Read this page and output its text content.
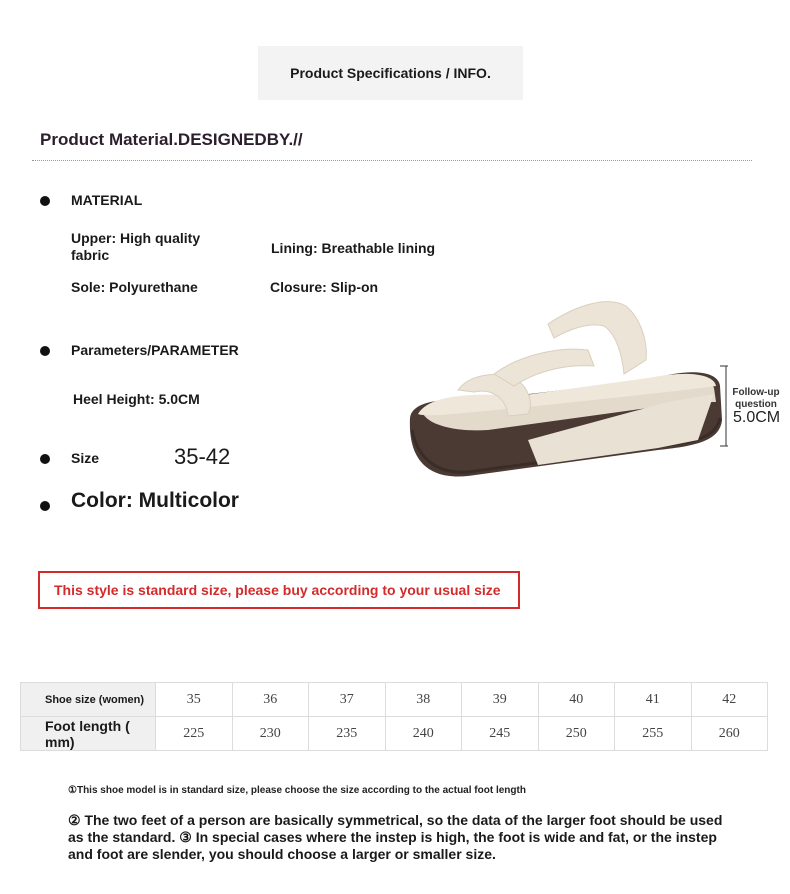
Product Specifications / INFO.
Product Material.DESIGNEDBY.//
MATERIAL
Upper: High quality fabric	Lining: Breathable lining
Sole: Polyurethane	Closure: Slip-on
Parameters/PARAMETER
Heel Height: 5.0CM
Size	35-42
Color: Multicolor
Follow-up question
5.0CM
This style is standard size, please buy according to your usual size
Shoe size (women)	35	36	37	38	39	40	41	42
Foot length ( mm)	225	230	235	240	245	250	255	260
①This shoe model is in standard size, please choose the size according to the actual foot length
② The two feet of a person are basically symmetrical, so the data of the larger foot should be used as the standard. ③ In special cases where the instep is high, the foot is wide and fat, or the instep and foot are slender, you should choose a larger or smaller size.
